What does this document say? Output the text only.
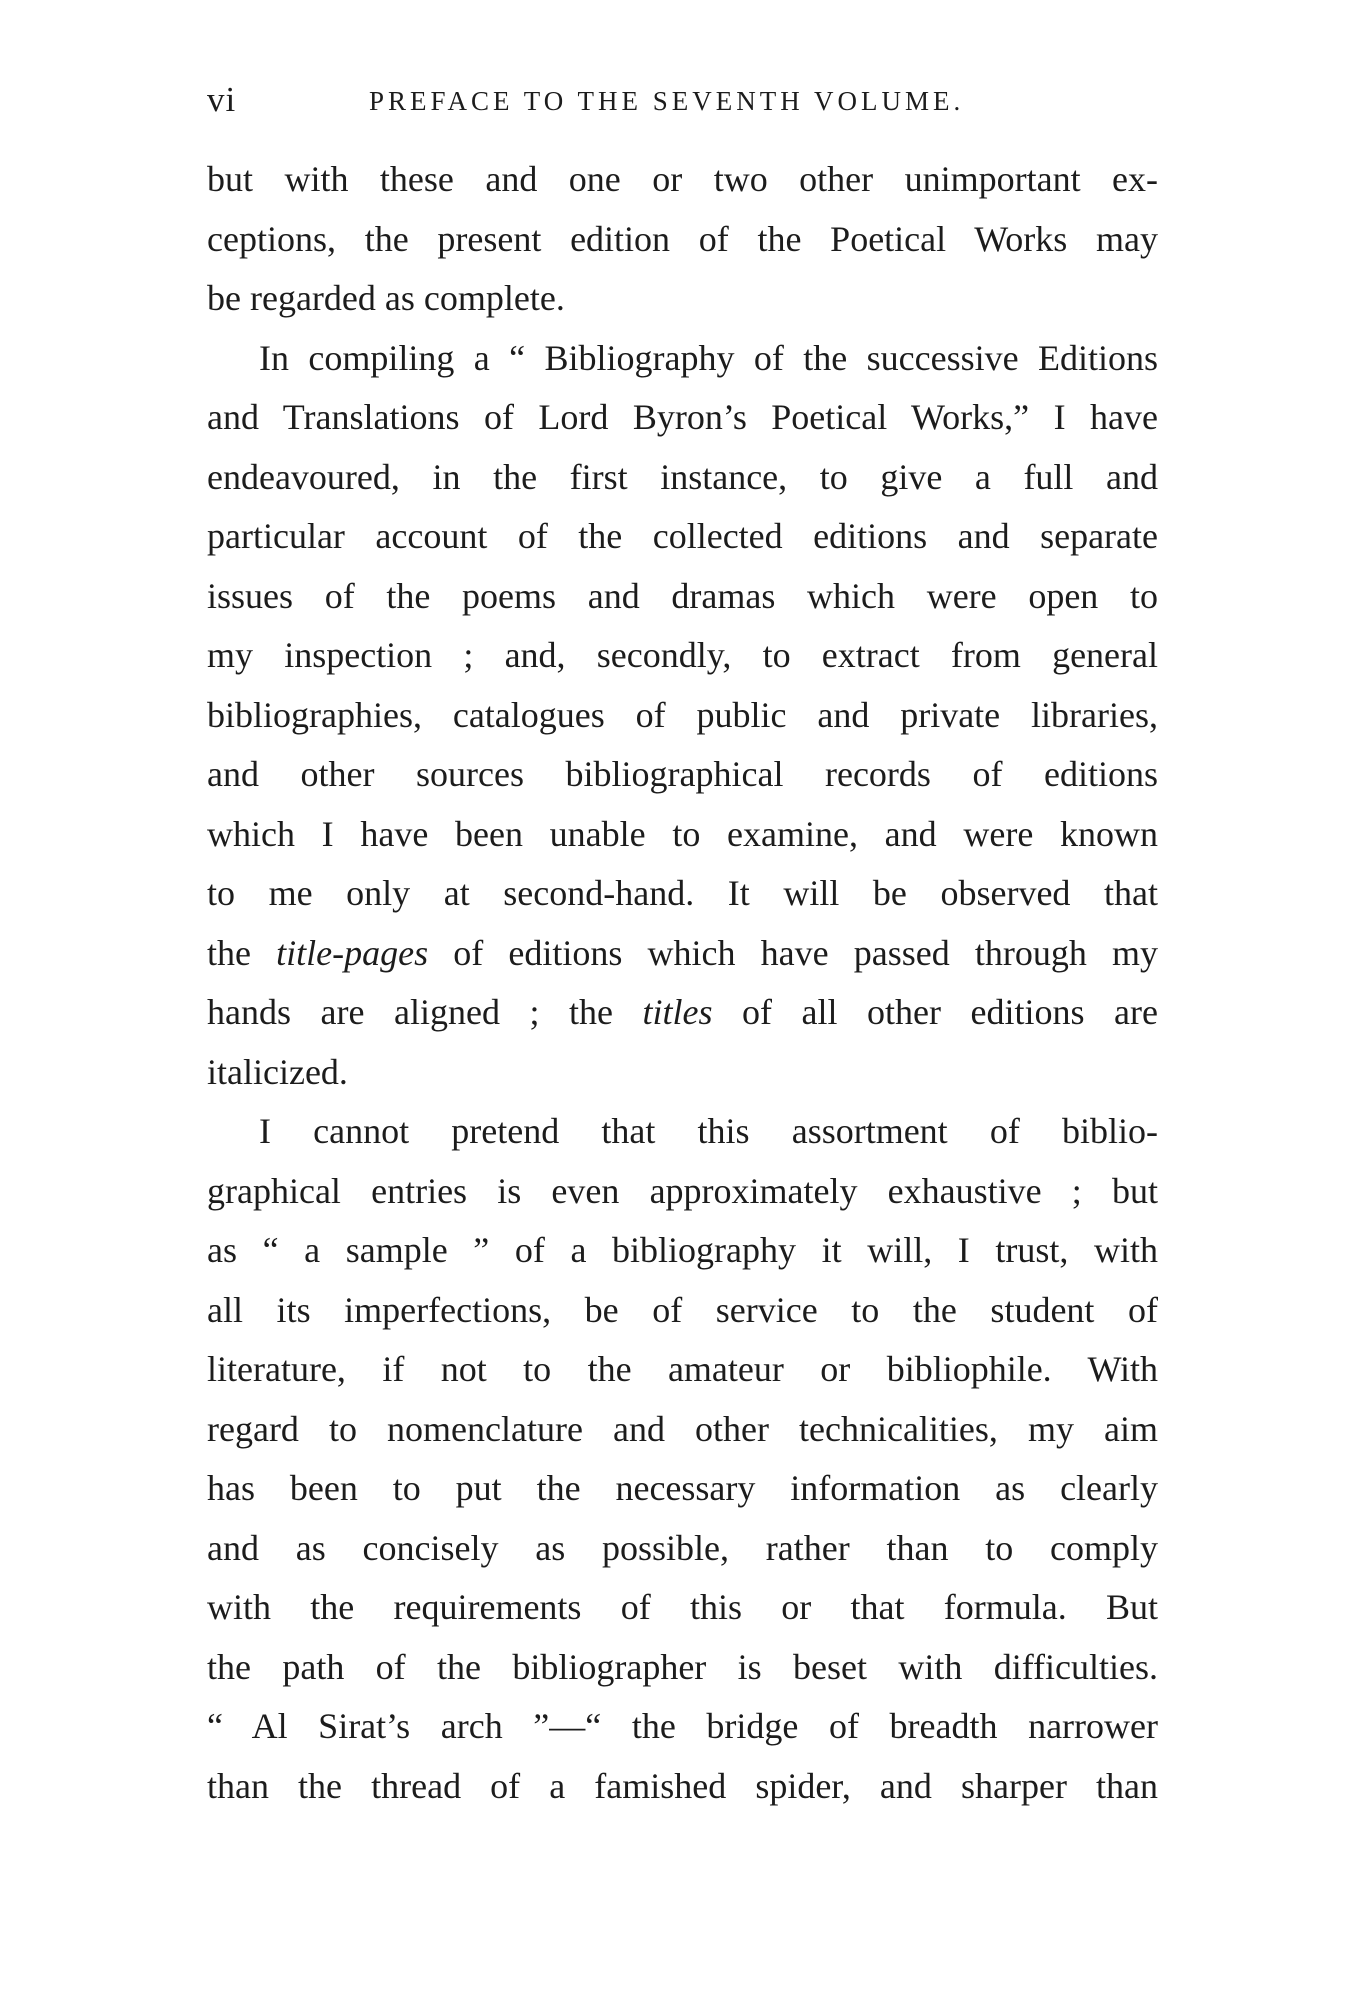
vi	PREFACE TO THE SEVENTH VOLUME.
but with these and one or two other unimportant ex-
ceptions, the present edition of the Poetical Works may
be regarded as complete.
In compiling a “ Bibliography of the successive Editions
and Translations of Lord Byron’s Poetical Works,” I have
endeavoured, in the first instance, to give a full and
particular account of the collected editions and separate
issues of the poems and dramas which were open to
my inspection ; and, secondly, to extract from general
bibliographies, catalogues of public and private libraries,
and other sources bibliographical records of editions
which I have been unable to examine, and were known
to me only at second-hand. It will be observed that
the title-pages of editions which have passed through my
hands are aligned ; the titles of all other editions are
italicized.
I cannot pretend that this assortment of biblio-
graphical entries is even approximately exhaustive ; but
as “ a sample ” of a bibliography it will, I trust, with
all its imperfections, be of service to the student of
literature, if not to the amateur or bibliophile. With
regard to nomenclature and other technicalities, my aim
has been to put the necessary information as clearly
and as concisely as possible, rather than to comply
with the requirements of this or that formula. But
the path of the bibliographer is beset with difficulties.
“ Al Sirat’s arch ”—“ the bridge of breadth narrower
than the thread of a famished spider, and sharper than
